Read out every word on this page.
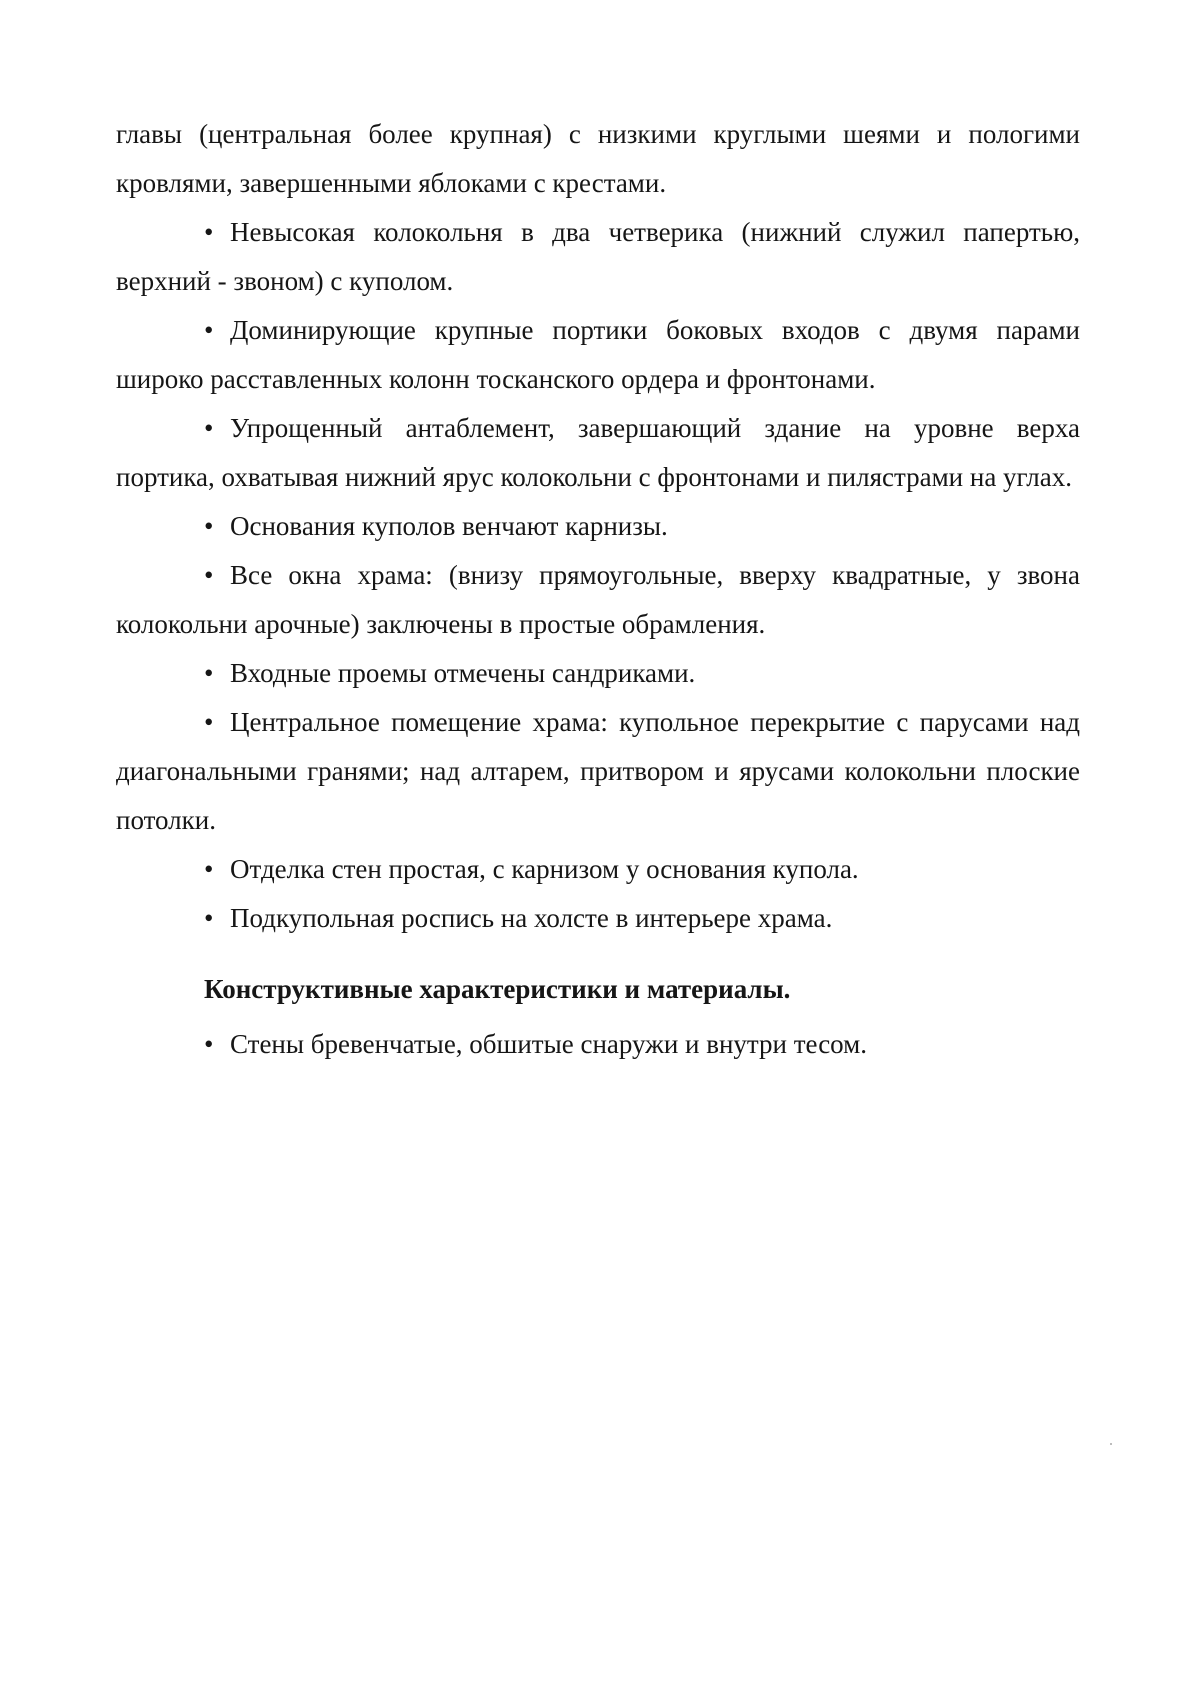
главы (центральная более крупная) с низкими круглыми шеями и пологими кровлями, завершенными яблоками с крестами.

• Невысокая колокольня в два четверика (нижний служил папертью, верхний - звоном) с куполом.

• Доминирующие крупные портики боковых входов с двумя парами широко расставленных колонн тосканского ордера и фронтонами.

• Упрощенный антаблемент, завершающий здание на уровне верха портика, охватывая нижний ярус колокольни с фронтонами и пилястрами на углах.

• Основания куполов венчают карнизы.

• Все окна храма: (внизу прямоугольные, вверху квадратные, у звона колокольни арочные) заключены в простые обрамления.

• Входные проемы отмечены сандриками.

• Центральное помещение храма: купольное перекрытие с парусами над диагональными гранями; над алтарем, притвором и ярусами колокольни плоские потолки.

• Отделка стен простая, с карнизом у основания купола.

• Подкупольная роспись на холсте в интерьере храма.

Конструктивные характеристики и материалы.

• Стены бревенчатые, обшитые снаружи и внутри тесом.
